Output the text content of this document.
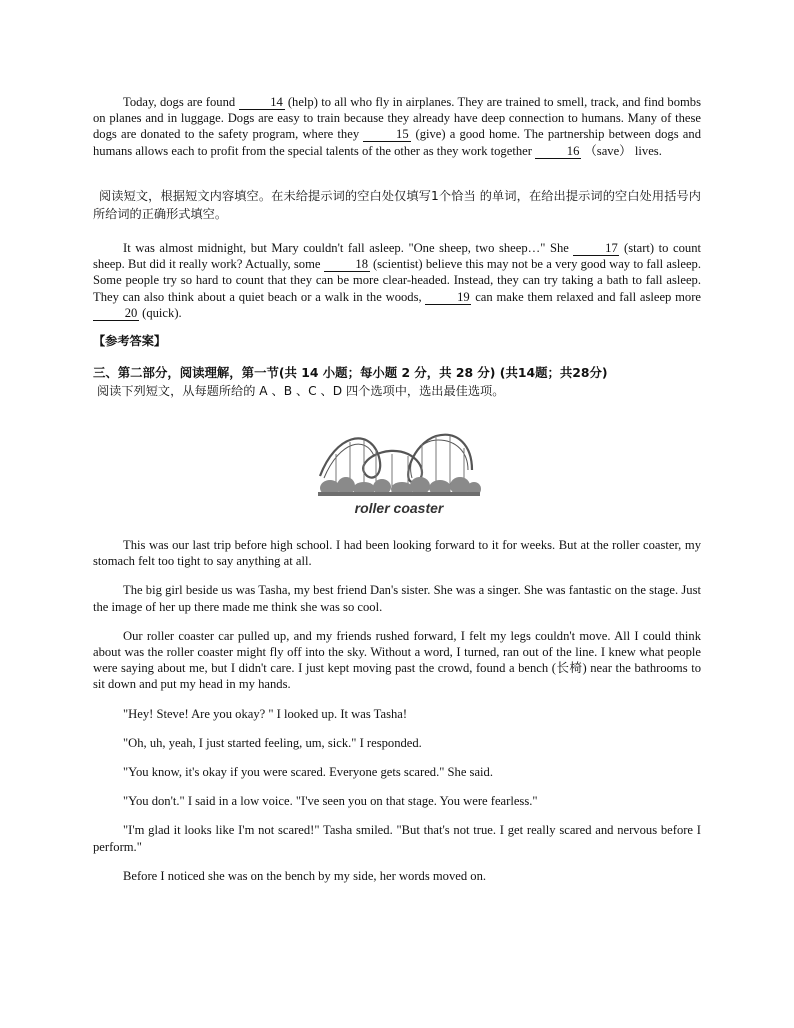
Today, dogs are found	14 (help) to all who fly in airplanes. They are trained to smell, track, and find bombs on planes and in luggage. Dogs are easy to train because they already have deep connection to humans. Many of these dogs are donated to the safety program, where they	15 (give) a good home. The partnership between dogs and humans allows each to profit from the special talents of the other as they work together	16 （save） lives.

阅读短文，根据短文内容填空。在未给提示词的空白处仅填写1个恰当 的单词，在给出提示词的空白处用括号内所给词的正确形式填空。

It was almost midnight, but Mary couldn't fall asleep. "One sheep, two sheep…" She	17 (start) to count sheep. But did it really work? Actually, some	18 (scientist) believe this may not be a very good way to fall asleep. Some people try so hard to count that they can be more clear-headed. Instead, they can try taking a bath to fall asleep. They can also think about a quiet beach or a walk in the woods,	19 can make them relaxed and fall asleep more 20 (quick).

【参考答案】

三、第二部分，阅读理解，第一节(共 14 小题；每小题 2 分，共 28 分) (共14题；共28分)

阅读下列短文，从每题所给的 A 、B 、C 、D 四个选项中，选出最佳选项。

roller coaster

This was our last trip before high school. I had been looking forward to it for weeks. But at the roller coaster, my stomach felt too tight to say anything at all.

The big girl beside us was Tasha, my best friend Dan's sister. She was a singer. She was fantastic on the stage. Just the image of her up there made me think she was so cool.

Our roller coaster car pulled up, and my friends rushed forward, I felt my legs couldn't move. All I could think about was the roller coaster might fly off into the sky. Without a word, I turned, ran out of the line. I knew what people were saying about me, but I didn't care. I just kept moving past the crowd, found a bench (长椅) near the bathrooms to sit down and put my head in my hands.

"Hey! Steve! Are you okay? " I looked up. It was Tasha!

"Oh, uh, yeah, I just started feeling, um, sick." I responded.

"You know, it's okay if you were scared. Everyone gets scared." She said.

"You don't." I said in a low voice. "I've seen you on that stage. You were fearless."

"I'm glad it looks like I'm not scared!" Tasha smiled. "But that's not true. I get really scared and nervous before I perform."

Before I noticed she was on the bench by my side, her words moved on.
